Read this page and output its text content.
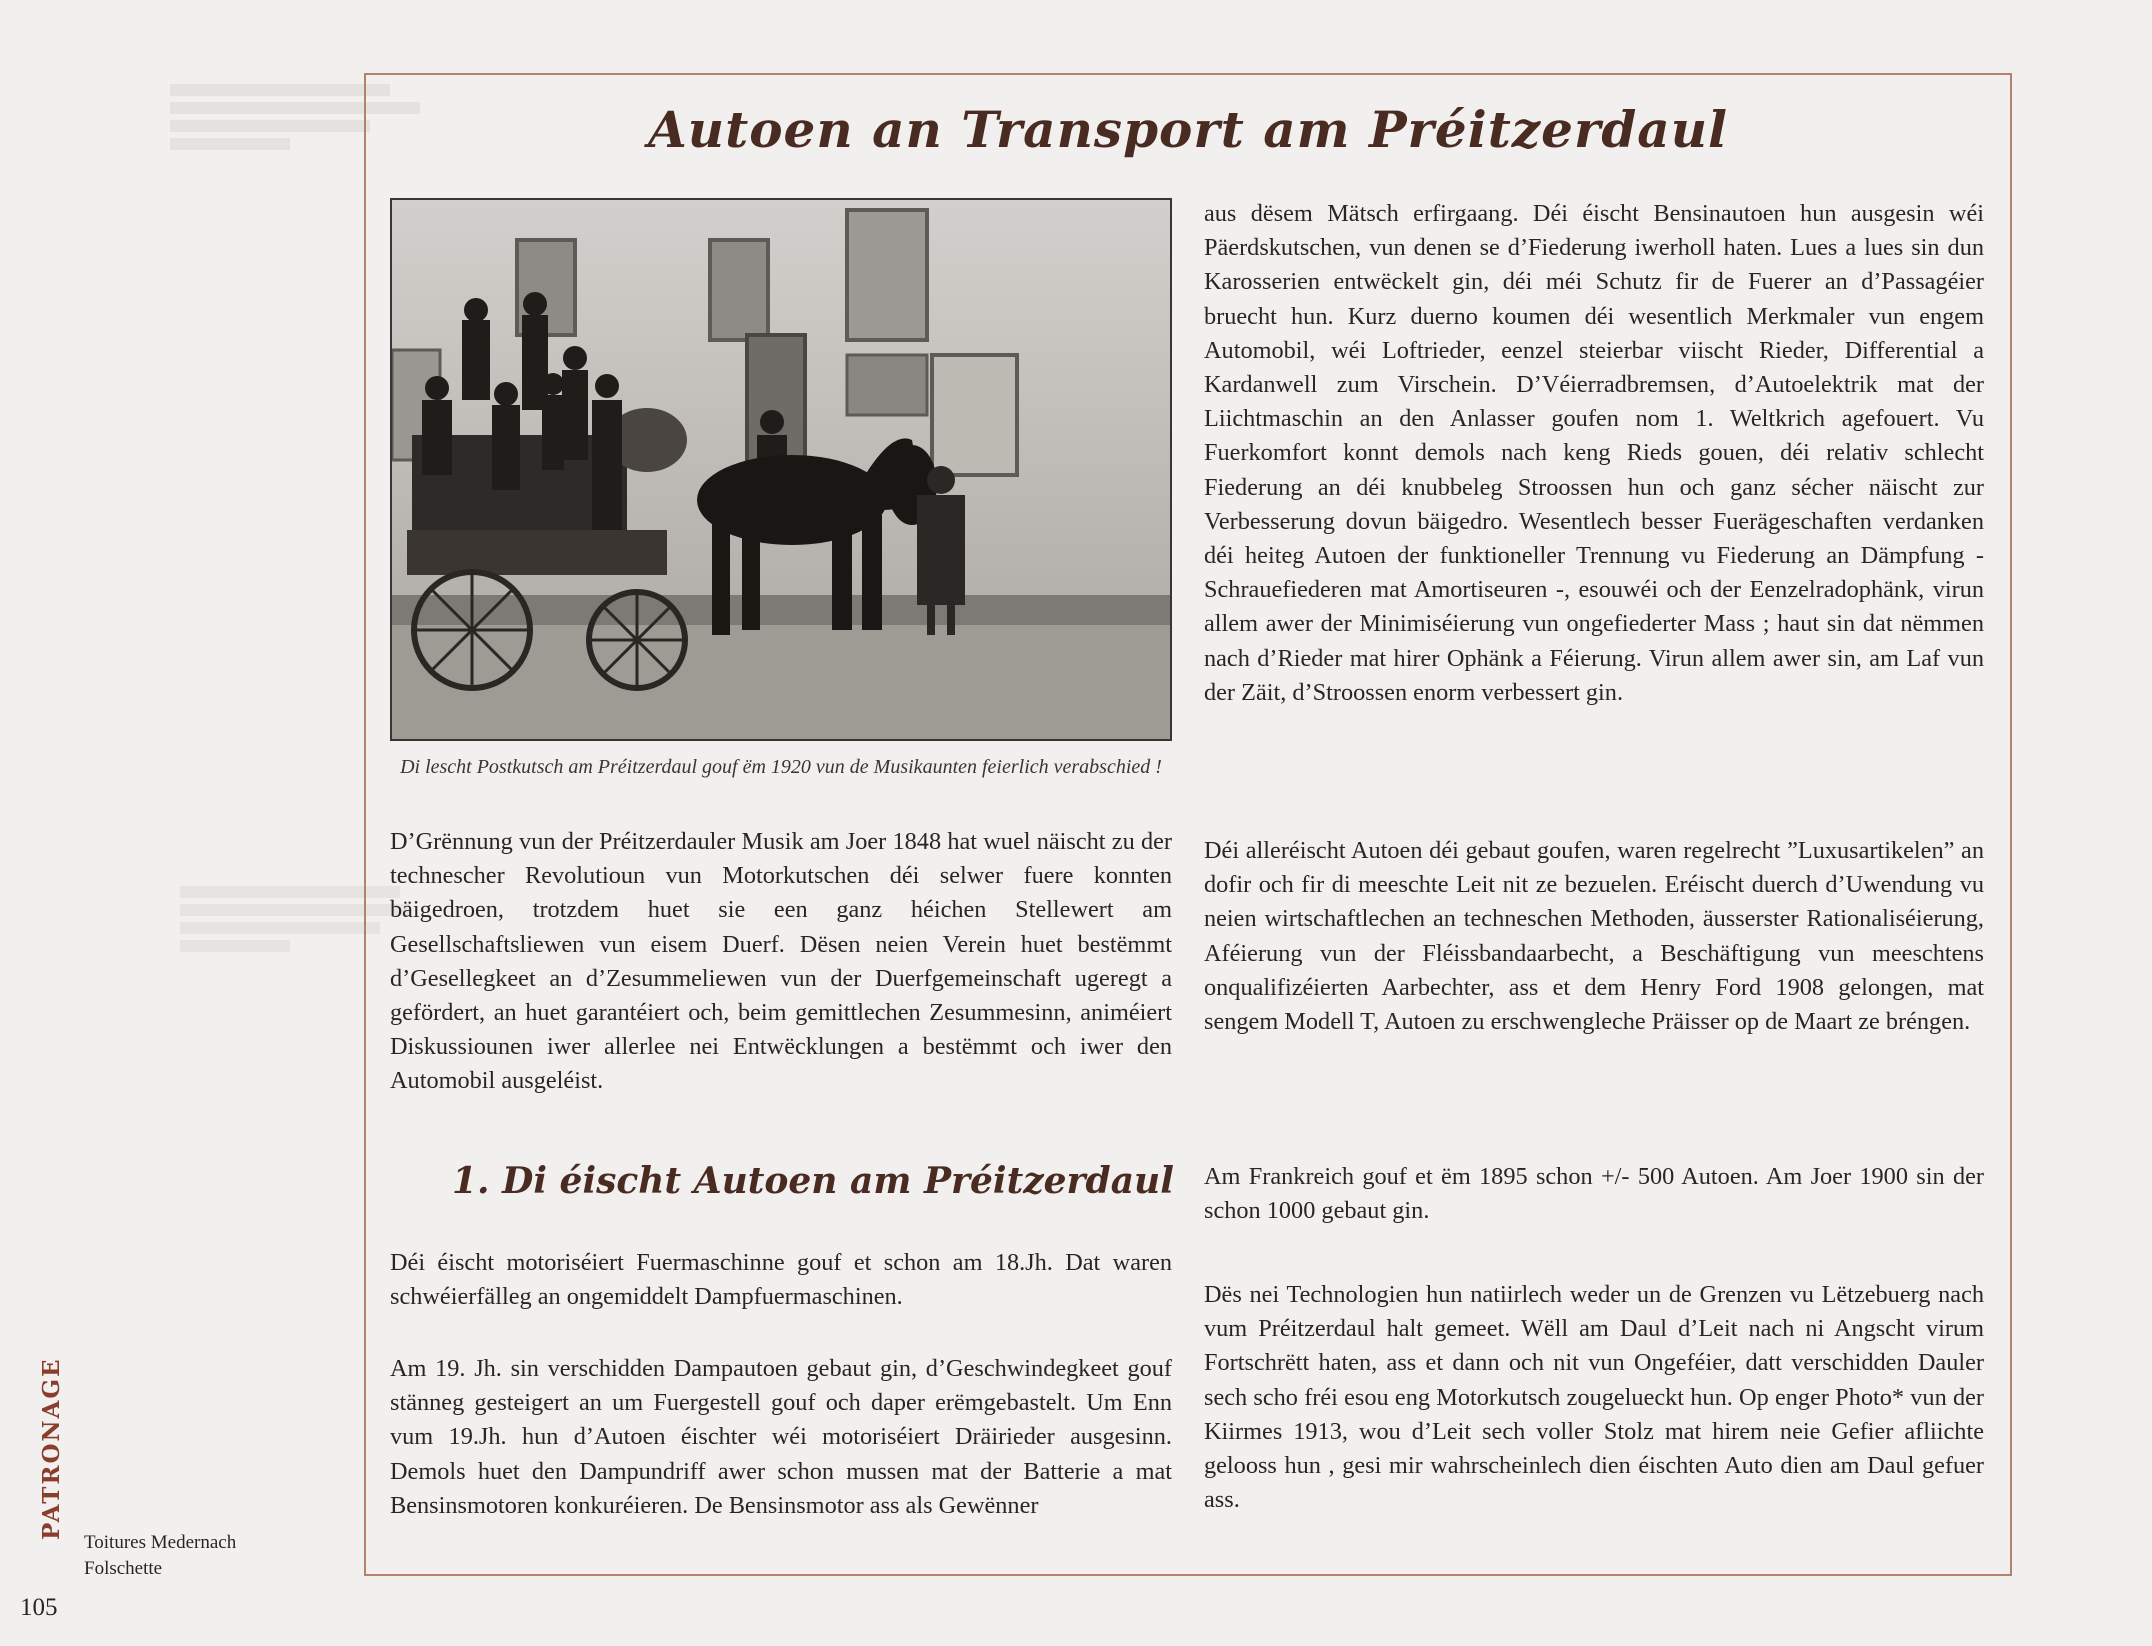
Autoen an Transport am Préitzerdaul
Di lescht Postkutsch am Préitzerdaul gouf ëm 1920 vun de Musikaunten feierlich verabschied !

D’Grënnung vun der Préitzerdauler Musik am Joer 1848 hat wuel näischt zu der technescher Revolutioun vun Motorkutschen déi selwer fuere konnten bäigedroen, trotzdem huet sie een ganz héichen Stellewert am Gesellschaftsliewen vun eisem Duerf. Dësen neien Verein huet bestëmmt d’Gesellegkeet an d’Zesummeliewen vun der Duerfgemeinschaft ugeregt a gefördert, an huet garantéiert och, beim gemittlechen Zesummesinn, animéiert Diskussiounen iwer allerlee nei Entwëcklungen a bestëmmt och iwer den Automobil ausgeléist.

1. Di éischt Autoen am Préitzerdaul

Déi éischt motoriséiert Fuermaschinne gouf et schon am 18.Jh. Dat waren schwéierfälleg an ongemiddelt Dampfuermaschinen.

Am 19. Jh. sin verschidden Dampautoen gebaut gin, d’Geschwindegkeet gouf stänneg gesteigert an um Fuergestell gouf och daper erëmgebastelt. Um Enn vum 19.Jh. hun d’Autoen éischter wéi motoriséiert Dräirieder ausgesinn. Demols huet den Dampundriff awer schon mussen mat der Batterie a mat Bensinsmotoren konkuréieren. De Bensinsmotor ass als Gewënner

aus dësem Mätsch erfirgaang. Déi éischt Bensinautoen hun ausgesin wéi Päerdskutschen, vun denen se d’Fiederung iwerholl haten. Lues a lues sin dun Karosserien entwëckelt gin, déi méi Schutz fir de Fuerer an d’Passagéier bruecht hun. Kurz duerno koumen déi wesentlich Merkmaler vun engem Automobil, wéi Loftrieder, eenzel steierbar viischt Rieder, Differential a Kardanwell zum Virschein. D’Véierradbremsen, d’Autoelektrik mat der Liichtmaschin an den Anlasser goufen nom 1. Weltkrich agefouert. Vu Fuerkomfort konnt demols nach keng Rieds gouen, déi relativ schlecht Fiederung an déi knubbeleg Stroossen hun och ganz sécher näischt zur Verbesserung dovun bäigedro. Wesentlech besser Fuerägeschaften verdanken déi heiteg Autoen der funktioneller Trennung vu Fiederung an Dämpfung - Schrauefiederen mat Amortiseuren -, esouwéi och der Eenzelradophänk, virun allem awer der Minimiséierung vun ongefiederter Mass ; haut sin dat nëmmen nach d’Rieder mat hirer Ophänk a Féierung. Virun allem awer sin, am Laf vun der Zäit, d’Stroossen enorm verbessert gin.

Déi alleréischt Autoen déi gebaut goufen, waren regelrecht ”Luxusartikelen” an dofir och fir di meeschte Leit nit ze bezuelen. Eréischt duerch d’Uwendung vu neien wirtschaftlechen an techneschen Methoden, äusserster Rationaliséierung, Aféierung vun der Fléissbandaarbecht, a Beschäftigung vun meeschtens onqualifizéierten Aarbechter, ass et dem Henry Ford 1908 gelongen, mat sengem Modell T, Autoen zu erschwengleche Präisser op de Maart ze bréngen.

Am Frankreich gouf et ëm 1895 schon +/- 500 Autoen. Am Joer 1900 sin der schon 1000 gebaut gin.

Dës nei Technologien hun natiirlech weder un de Grenzen vu Lëtzebuerg nach vum Préitzerdaul halt gemeet. Wëll am Daul d’Leit nach ni Angscht virum Fortschrëtt haten, ass et dann och nit vun Ongeféier, datt verschidden Dauler sech scho fréi esou eng Motorkutsch zougelueckt hun. Op enger Photo* vun der Kiirmes 1913, wou d’Leit sech voller Stolz mat hirem neie Gefier afliichte gelooss hun , gesi mir wahrscheinlech dien éischten Auto dien am Daul gefuer ass.

PATRONAGE
Toitures Medernach
Folschette
105
